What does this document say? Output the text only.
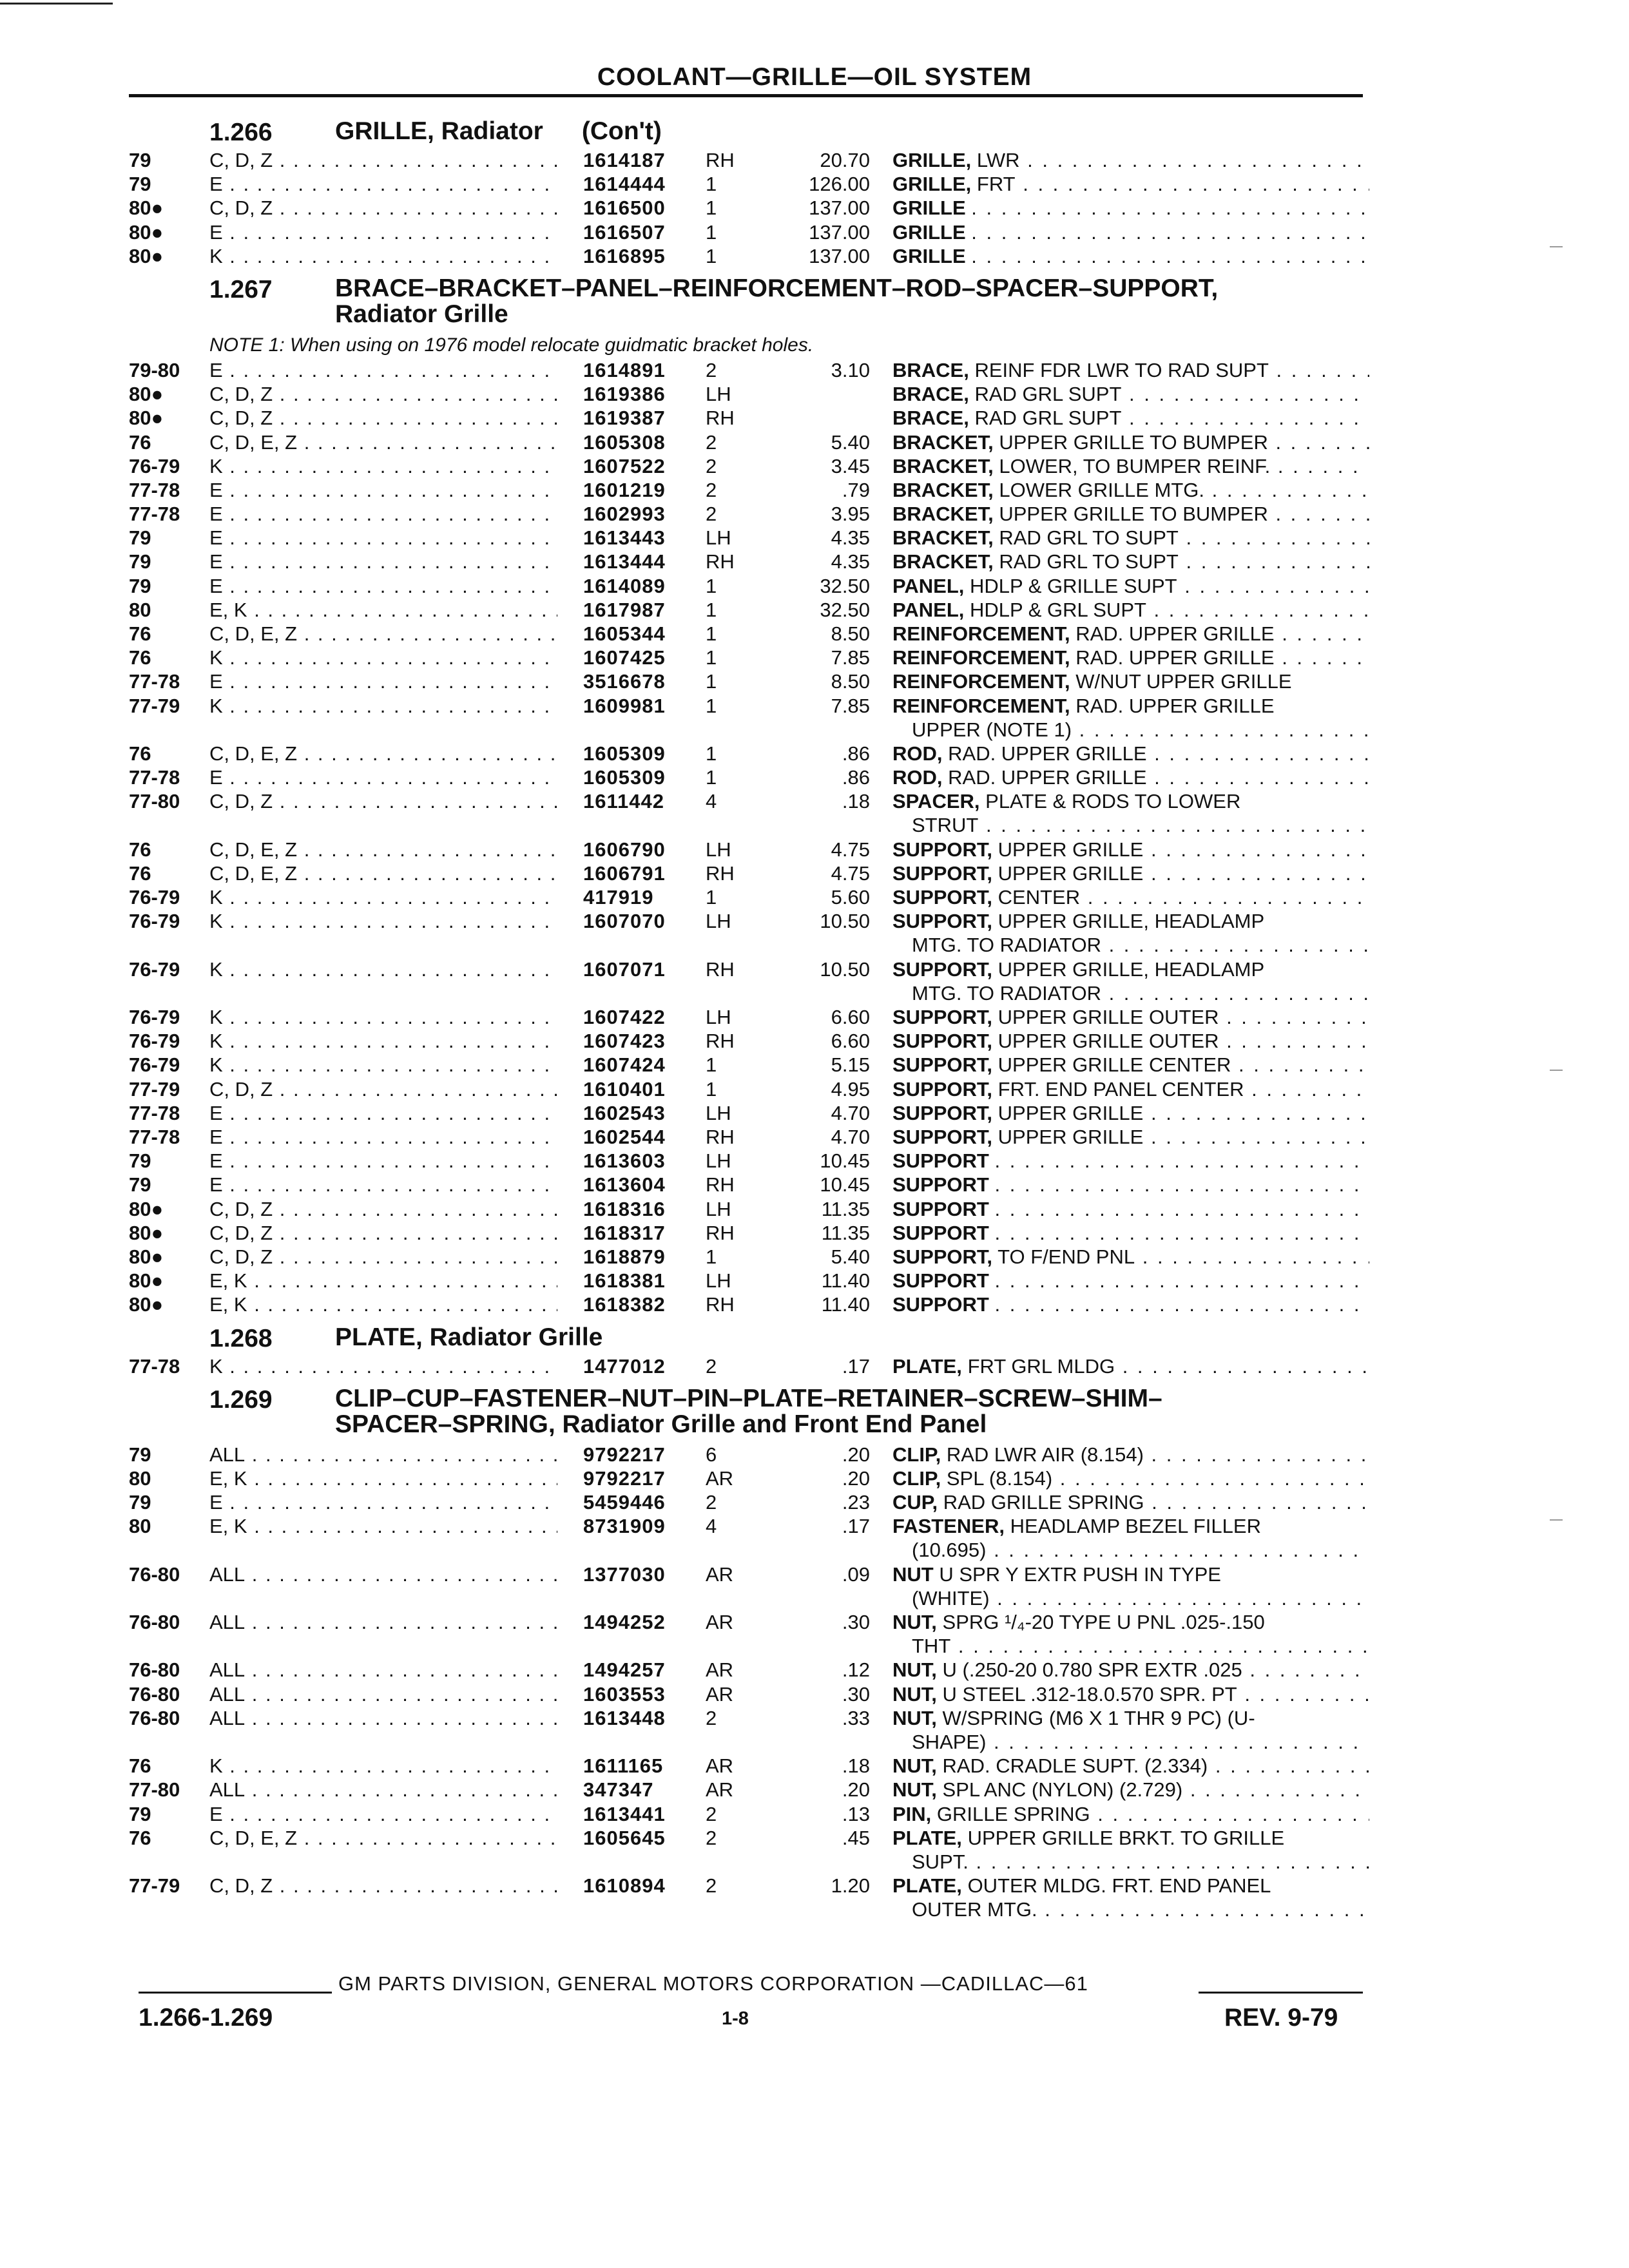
COOLANT—GRILLE—OIL SYSTEM
1.266 GRILLE, Radiator (Con't)
79	C, D, Z . . .	1614187 RH	20.70 GRILLE, LWR . . .
79	E . . .	1614444 1	126.00 GRILLE, FRT . . .
80●	C, D, Z . . .	1616500 1	137.00 GRILLE . . .
80●	E . . .	1616507 1	137.00 GRILLE . . .
80●	K . . .	1616895 1	137.00 GRILLE . . .
1.267 BRACE–BRACKET–PANEL–REINFORCEMENT–ROD–SPACER–SUPPORT,
Radiator Grille
NOTE 1: When using on 1976 model relocate guidmatic bracket holes.
79-80	E . . .	1614891 2	3.10 BRACE, REINF FDR LWR TO RAD SUPT . . .
80●	C, D, Z . . .	1619386 LH	BRACE, RAD GRL SUPT . . .
80●	C, D, Z . . .	1619387 RH	BRACE, RAD GRL SUPT . . .
76	C, D, E, Z . . .	1605308 2	5.40 BRACKET, UPPER GRILLE TO BUMPER . . .
76-79	K . . .	1607522 2	3.45 BRACKET, LOWER, TO BUMPER REINF. . . .
77-78	E . . .	1601219 2	.79 BRACKET, LOWER GRILLE MTG. . . .
77-78	E . . .	1602993 2	3.95 BRACKET, UPPER GRILLE TO BUMPER . . .
79	E . . .	1613443 LH	4.35 BRACKET, RAD GRL TO SUPT . . .
79	E . . .	1613444 RH	4.35 BRACKET, RAD GRL TO SUPT . . .
79	E . . .	1614089 1	32.50 PANEL, HDLP & GRILLE SUPT . . .
80	E, K . . .	1617987 1	32.50 PANEL, HDLP & GRL SUPT . . .
76	C, D, E, Z . . .	1605344 1	8.50 REINFORCEMENT, RAD. UPPER GRILLE . . .
76	K . . .	1607425 1	7.85 REINFORCEMENT, RAD. UPPER GRILLE . . .
77-78	E . . .	3516678 1	8.50 REINFORCEMENT, W/NUT UPPER GRILLE
77-79	K . . .	1609981 1	7.85 REINFORCEMENT, RAD. UPPER GRILLE
UPPER (NOTE 1) . . .
76	C, D, E, Z . . .	1605309 1	.86 ROD, RAD. UPPER GRILLE . . .
77-78	E . . .	1605309 1	.86 ROD, RAD. UPPER GRILLE . . .
77-80	C, D, Z . . .	1611442 4	.18 SPACER, PLATE & RODS TO LOWER
STRUT . . .
76	C, D, E, Z . . .	1606790 LH	4.75 SUPPORT, UPPER GRILLE . . .
76	C, D, E, Z . . .	1606791 RH	4.75 SUPPORT, UPPER GRILLE . . .
76-79	K . . .	417919	1	5.60 SUPPORT, CENTER . . .
76-79	K . . .	1607070 LH	10.50 SUPPORT, UPPER GRILLE, HEADLAMP
MTG. TO RADIATOR . . .
76-79	K . . .	1607071 RH	10.50 SUPPORT, UPPER GRILLE, HEADLAMP
MTG. TO RADIATOR . . .
76-79	K . . .	1607422 LH	6.60 SUPPORT, UPPER GRILLE OUTER . . .
76-79	K . . .	1607423 RH	6.60 SUPPORT, UPPER GRILLE OUTER . . .
76-79	K . . .	1607424 1	5.15 SUPPORT, UPPER GRILLE CENTER . . .
77-79	C, D, Z . . .	1610401 1	4.95 SUPPORT, FRT. END PANEL CENTER . . .
77-78	E . . .	1602543 LH	4.70 SUPPORT, UPPER GRILLE . . .
77-78	E . . .	1602544 RH	4.70 SUPPORT, UPPER GRILLE . . .
79	E . . .	1613603 LH	10.45 SUPPORT . . .
79	E . . .	1613604 RH	10.45 SUPPORT . . .
80●	C, D, Z . . .	1618316 LH	11.35 SUPPORT . . .
80●	C, D, Z . . .	1618317 RH	11.35 SUPPORT . . .
80●	C, D, Z . . .	1618879 1	5.40 SUPPORT, TO F/END PNL . . .
80●	E, K . . .	1618381 LH	11.40 SUPPORT . . .
80●	E, K . . .	1618382 RH	11.40 SUPPORT . . .
1.268 PLATE, Radiator Grille
77-78	K . . .	1477012 2	.17 PLATE, FRT GRL MLDG . . .
1.269 CLIP–CUP–FASTENER–NUT–PIN–PLATE–RETAINER–SCREW–SHIM–
SPACER–SPRING, Radiator Grille and Front End Panel
79	ALL . . .	9792217 6	.20 CLIP, RAD LWR AIR (8.154) . . .
80	E, K . . .	9792217 AR	.20 CLIP, SPL (8.154) . . .
79	E . . .	5459446 2	.23 CUP, RAD GRILLE SPRING . . .
80	E, K . . .	8731909 4	.17 FASTENER, HEADLAMP BEZEL FILLER
(10.695) . . .
76-80	ALL . . .	1377030 AR	.09 NUT U SPR Y EXTR PUSH IN TYPE
(WHITE) . . .
76-80	ALL . . .	1494252 AR	.30 NUT, SPRG ¹/₄-20 TYPE U PNL .025-.150
THT . . .
76-80	ALL . . .	1494257 AR	.12 NUT, U (.250-20 0.780 SPR EXTR .025 . . .
76-80	ALL . . .	1603553 AR	.30 NUT, U STEEL .312-18.0.570 SPR. PT . . .
76-80	ALL . . .	1613448 2	.33 NUT, W/SPRING (M6 X 1 THR 9 PC) (U-
SHAPE) . . .
76	K . . .	1611165 AR	.18 NUT, RAD. CRADLE SUPT. (2.334) . . .
77-80	ALL . . .	347347	AR	.20 NUT, SPL ANC (NYLON) (2.729) . . .
79	E . . .	1613441 2	.13 PIN, GRILLE SPRING . . .
76	C, D, E, Z . . .	1605645 2	.45 PLATE, UPPER GRILLE BRKT. TO GRILLE
SUPT. . . .
77-79	C, D, Z . . .	1610894 2	1.20 PLATE, OUTER MLDG. FRT. END PANEL
OUTER MTG. . . .
GM PARTS DIVISION, GENERAL MOTORS CORPORATION —CADILLAC—61
1.266-1.269	1-8	REV. 9-79
